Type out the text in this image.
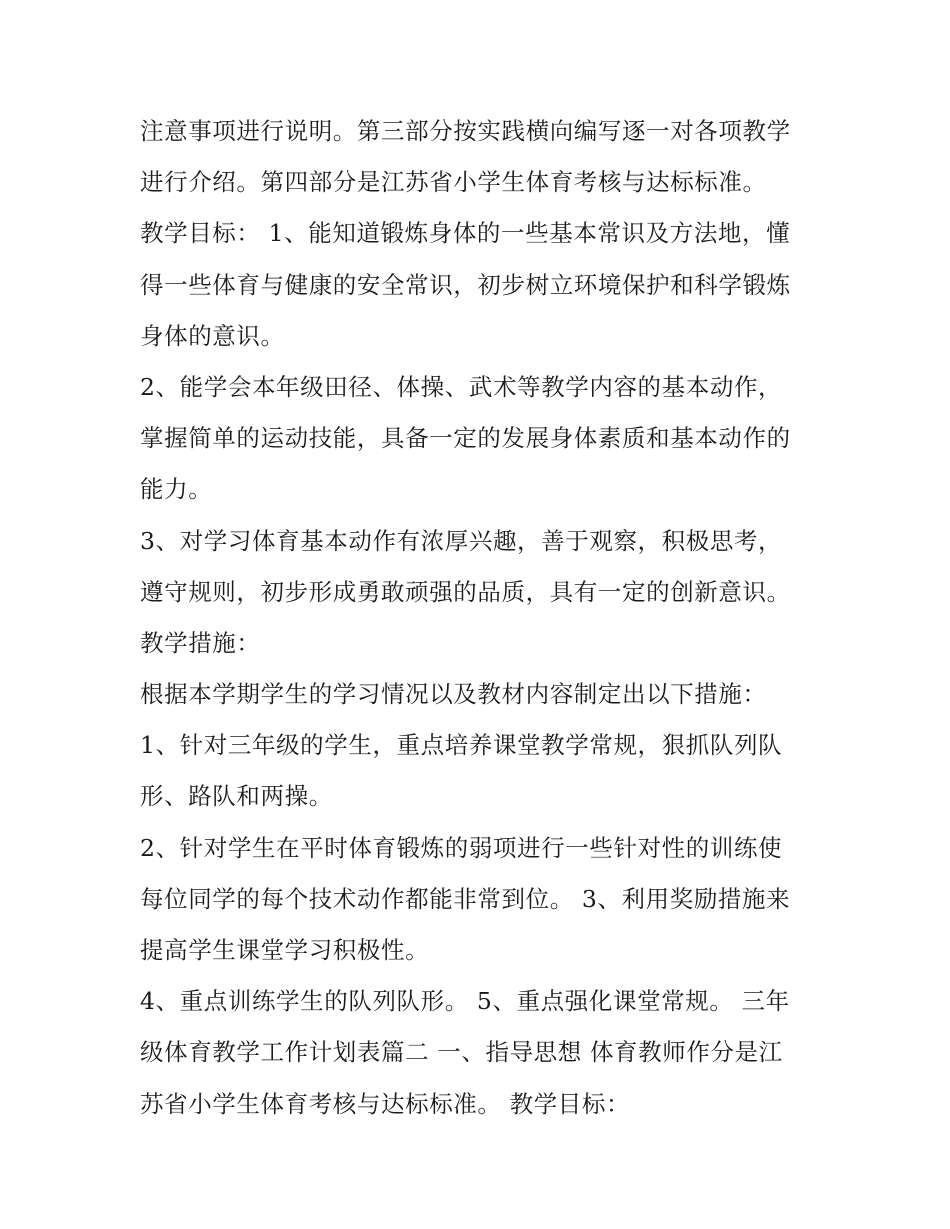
注意事项进行说明。第三部分按实践横向编写逐一对各项教学
进行介绍。第四部分是江苏省小学生体育考核与达标标准。
教学目标： 1、能知道锻炼身体的一些基本常识及方法地，懂
得一些体育与健康的安全常识，初步树立环境保护和科学锻炼
身体的意识。
2、能学会本年级田径、体操、武术等教学内容的基本动作，
掌握简单的运动技能，具备一定的发展身体素质和基本动作的
能力。
3、对学习体育基本动作有浓厚兴趣，善于观察，积极思考，
遵守规则，初步形成勇敢顽强的品质，具有一定的创新意识。
教学措施：
根据本学期学生的学习情况以及教材内容制定出以下措施：
1、针对三年级的学生，重点培养课堂教学常规，狠抓队列队
形、路队和两操。
2、针对学生在平时体育锻炼的弱项进行一些针对性的训练使
每位同学的每个技术动作都能非常到位。 3、利用奖励措施来
提高学生课堂学习积极性。
4、重点训练学生的队列队形。 5、重点强化课堂常规。 三年
级体育教学工作计划表篇二 一、指导思想 体育教师作分是江
苏省小学生体育考核与达标标准。 教学目标：
